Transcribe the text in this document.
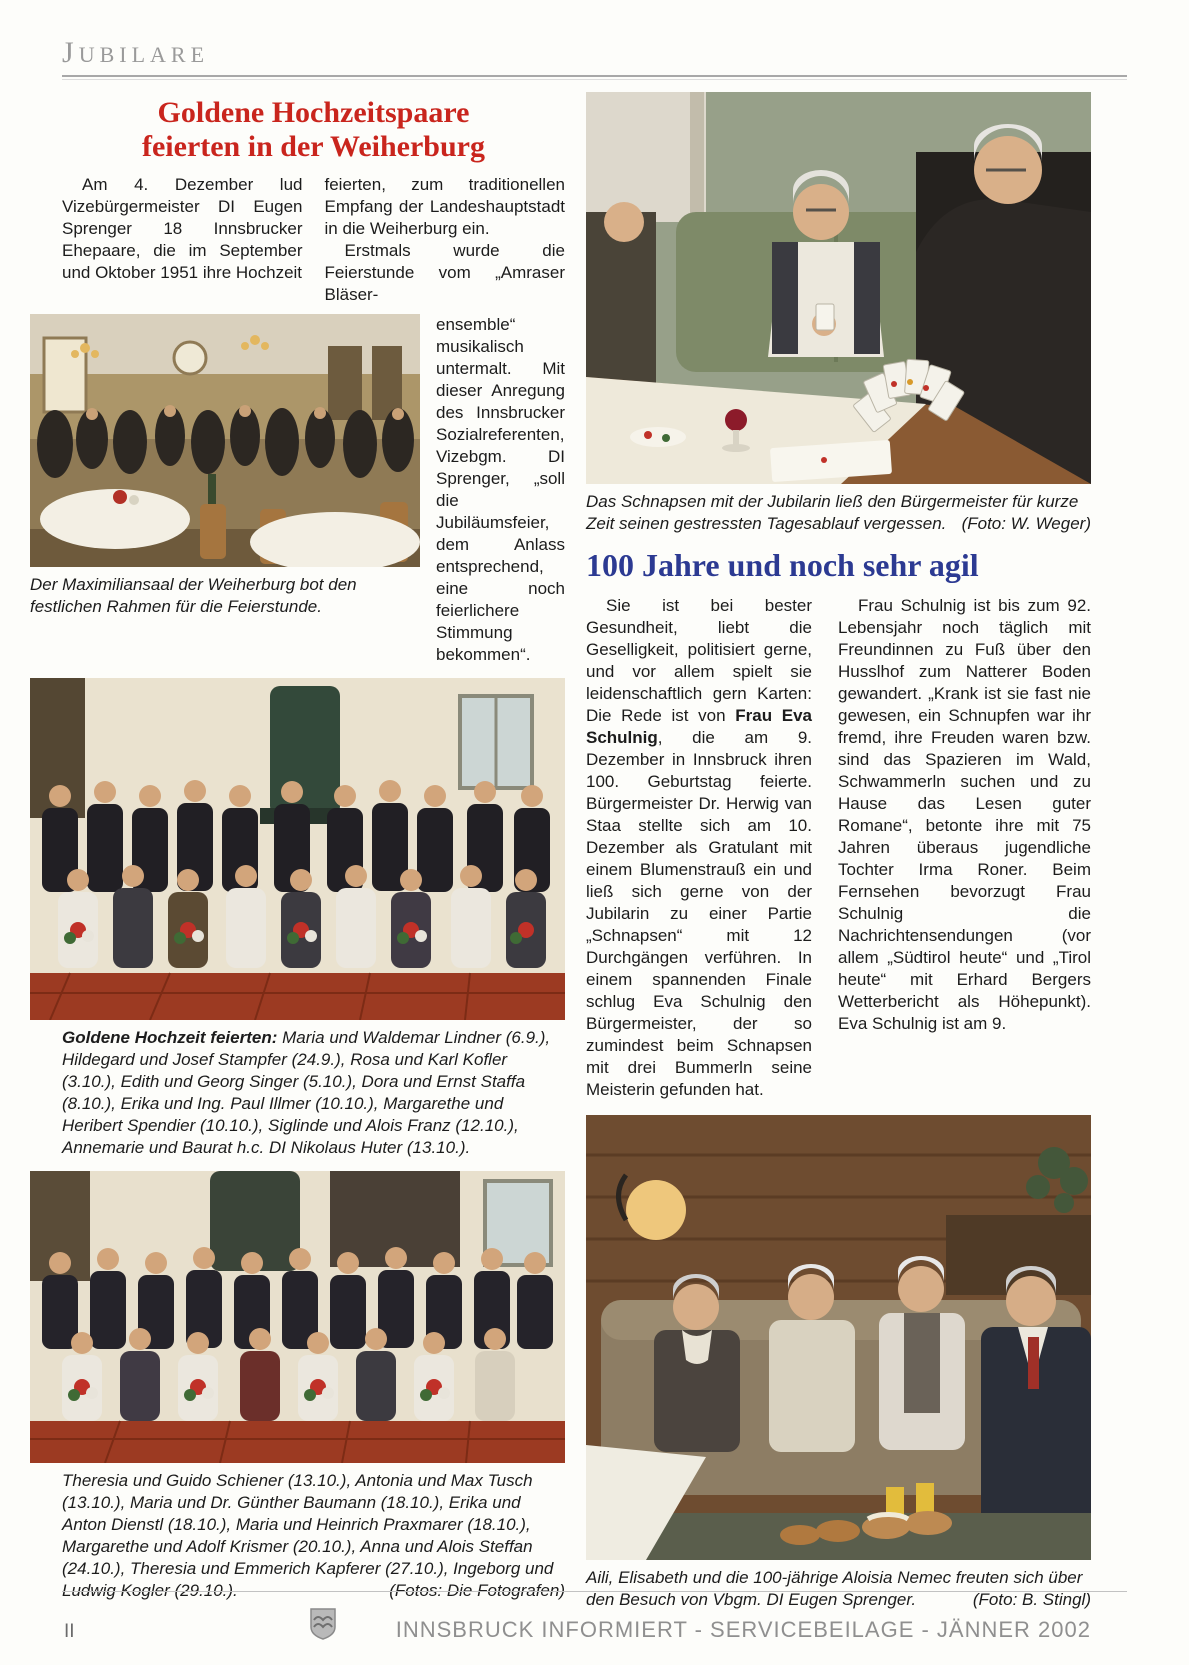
JUBILARE
Goldene Hochzeitspaare
feierten in der Weiherburg

Am 4. Dezember lud Vizebürgermeister DI Eugen Sprenger 18 Innsbrucker Ehepaare, die im September und Oktober 1951 ihre Hochzeit

feierten, zum traditionellen Empfang der Landeshauptstadt in die Weiherburg ein.

Erstmals wurde die Feierstunde vom „Amraser Bläser-

Der Maximiliansaal der Weiherburg bot den festlichen Rahmen für die Feierstunde.

ensemble“ musikalisch untermalt. Mit dieser Anregung des Innsbrucker Sozialreferenten, Vizebgm. DI Sprenger, „soll die Jubiläumsfeier, dem Anlass entsprechend, eine noch feierlichere Stimmung bekommen“.

Goldene Hochzeit feierten: Maria und Waldemar Lindner (6.9.), Hildegard und Josef Stampfer (24.9.), Rosa und Karl Kofler (3.10.), Edith und Georg Singer (5.10.), Dora und Ernst Staffa (8.10.), Erika und Ing. Paul Illmer (10.10.), Margarethe und Heribert Spendier (10.10.), Siglinde und Alois Franz (12.10.), Annemarie und Baurat h.c. DI Nikolaus Huter (13.10.).

Theresia und Guido Schiener (13.10.), Antonia und Max Tusch (13.10.), Maria und Dr. Günther Baumann (18.10.), Erika und Anton Dienstl (18.10.), Maria und Heinrich Praxmarer (18.10.), Margarethe und Adolf Krismer (20.10.), Anna und Alois Steffan (24.10.), Theresia und Emmerich Kapferer (27.10.), Ingeborg und Ludwig Kogler (29.10.).	(Fotos: Die Fotografen)

Das Schnapsen mit der Jubilarin ließ den Bürgermeister für kurze Zeit seinen gestressten Tagesablauf vergessen. (Foto: W. Weger)

100 Jahre und noch sehr agil

Sie ist bei bester Gesundheit, liebt die Geselligkeit, politisiert gerne, und vor allem spielt sie leidenschaftlich gern Karten: Die Rede ist von Frau Eva Schulnig, die am 9. Dezember in Innsbruck ihren 100. Geburtstag feierte. Bürgermeister Dr. Herwig van Staa stellte sich am 10. Dezember als Gratulant mit einem Blumenstrauß ein und ließ sich gerne von der Jubilarin zu einer Partie „Schnapsen“ mit 12 Durchgängen verführen. In einem spannenden Finale schlug Eva Schulnig den Bürgermeister, der so zumindest beim Schnapsen mit drei Bummerln seine Meisterin gefunden hat.

Frau Schulnig ist bis zum 92. Lebensjahr noch täglich mit Freundinnen zu Fuß über den Husslhof zum Natterer Boden gewandert. „Krank ist sie fast nie gewesen, ein Schnupfen war ihr fremd, ihre Freuden waren bzw. sind das Spazieren im Wald, Schwammerln suchen und zu Hause das Lesen guter Romane“, betonte ihre mit 75 Jahren überaus jugendliche Tochter Irma Roner. Beim Fernsehen bevorzugt Frau Schulnig die Nachrichtensendungen (vor allem „Südtirol heute“ und „Tirol heute“ mit Erhard Bergers Wetterbericht als Höhepunkt). Eva Schulnig ist am 9.

Aili, Elisabeth und die 100-jährige Aloisia Nemec freuten sich über den Besuch von Vbgm. DI Eugen Sprenger.	(Foto: B. Stingl)

II	INNSBRUCK INFORMIERT - SERVICEBEILAGE - JÄNNER 2002
